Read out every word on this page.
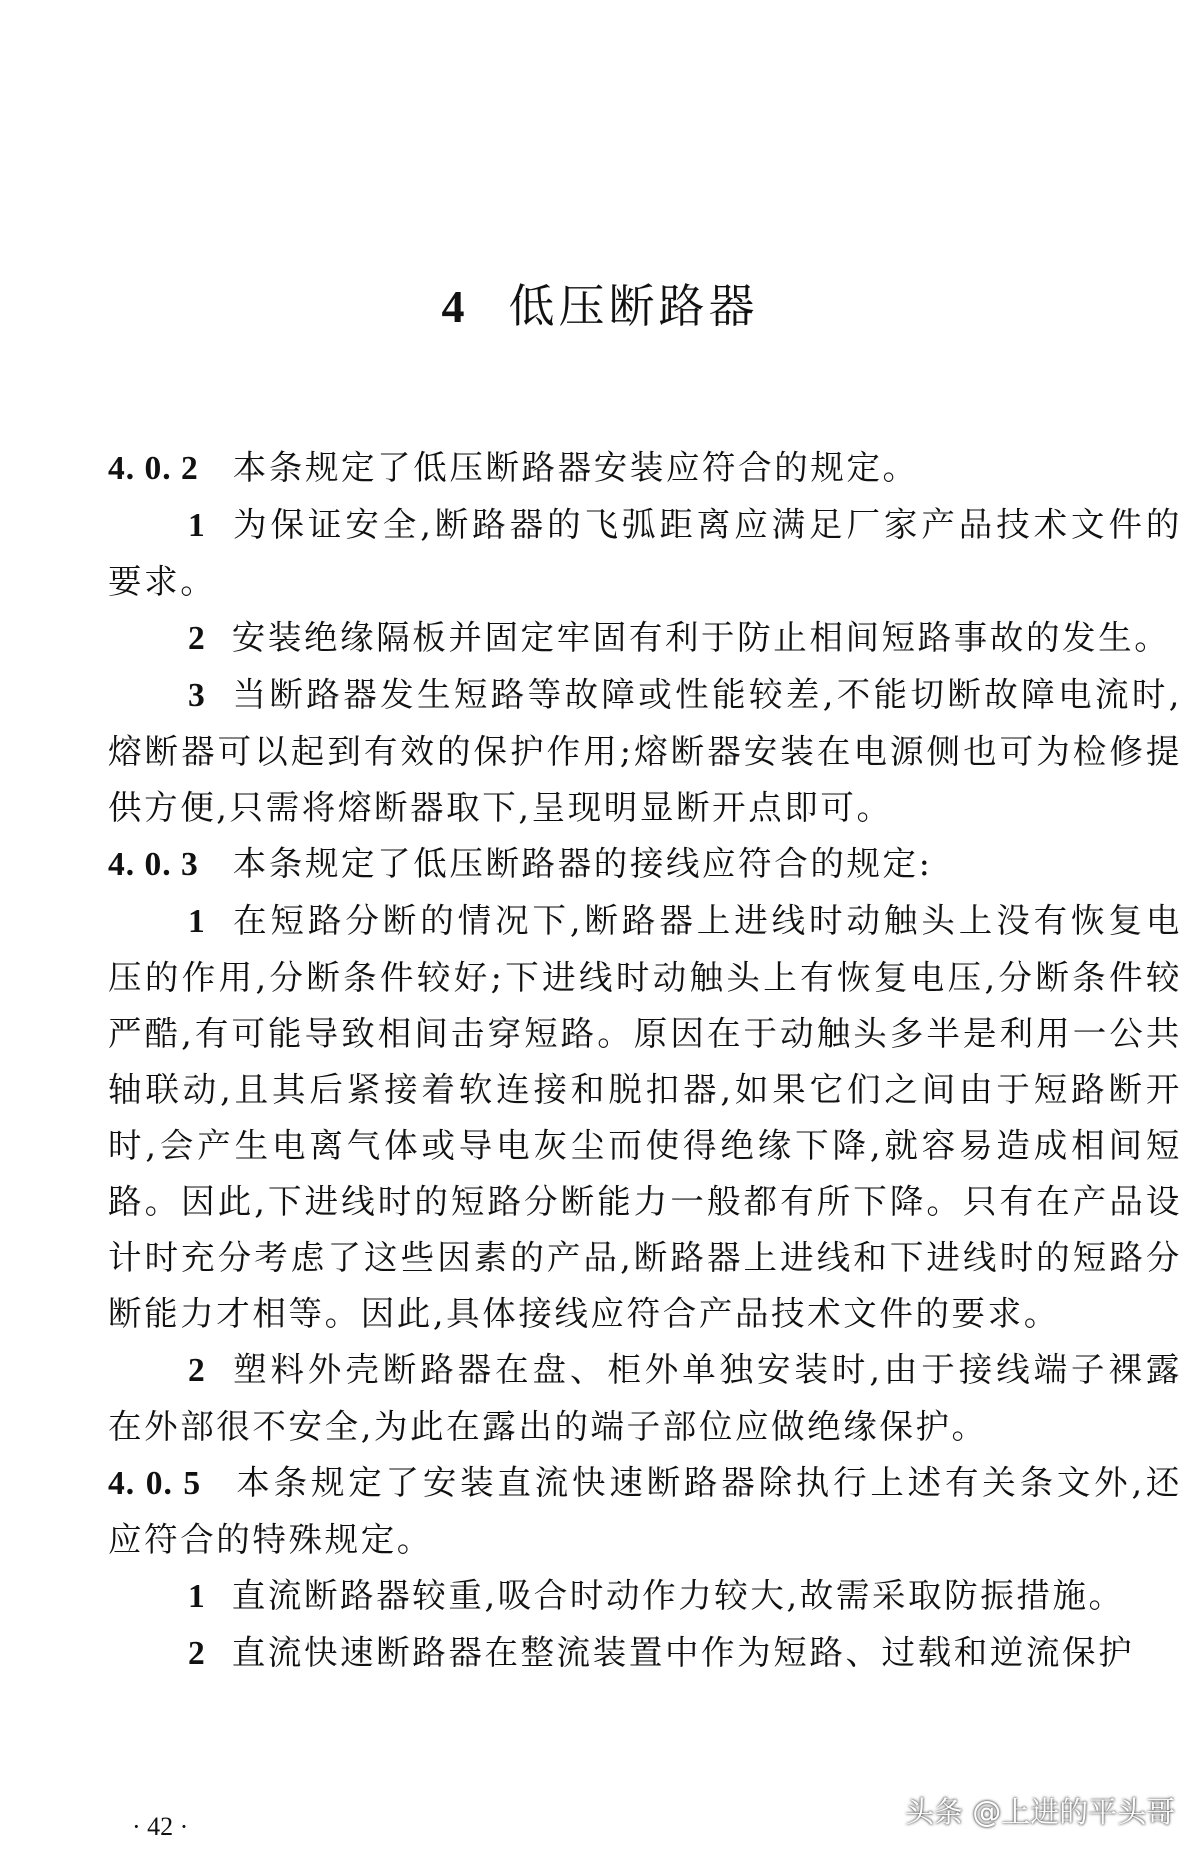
4 低压断路器

4. 0. 2 本条规定了低压断路器安装应符合的规定。

1 为保证安全,断路器的飞弧距离应满足厂家产品技术文件的要求。

2 安装绝缘隔板并固定牢固有利于防止相间短路事故的发生。

3 当断路器发生短路等故障或性能较差,不能切断故障电流时,熔断器可以起到有效的保护作用;熔断器安装在电源侧也可为检修提供方便,只需将熔断器取下,呈现明显断开点即可。

4. 0. 3 本条规定了低压断路器的接线应符合的规定:

1 在短路分断的情况下,断路器上进线时动触头上没有恢复电压的作用,分断条件较好;下进线时动触头上有恢复电压,分断条件较严酷,有可能导致相间击穿短路。原因在于动触头多半是利用一公共轴联动,且其后紧接着软连接和脱扣器,如果它们之间由于短路断开时,会产生电离气体或导电灰尘而使得绝缘下降,就容易造成相间短路。因此,下进线时的短路分断能力一般都有所下降。只有在产品设计时充分考虑了这些因素的产品,断路器上进线和下进线时的短路分断能力才相等。因此,具体接线应符合产品技术文件的要求。

2 塑料外壳断路器在盘、柜外单独安装时,由于接线端子裸露在外部很不安全,为此在露出的端子部位应做绝缘保护。

4. 0. 5 本条规定了安装直流快速断路器除执行上述有关条文外,还应符合的特殊规定。

1 直流断路器较重,吸合时动作力较大,故需采取防振措施。

2 直流快速断路器在整流装置中作为短路、过载和逆流保护

· 42 ·	头条 @上进的平头哥
